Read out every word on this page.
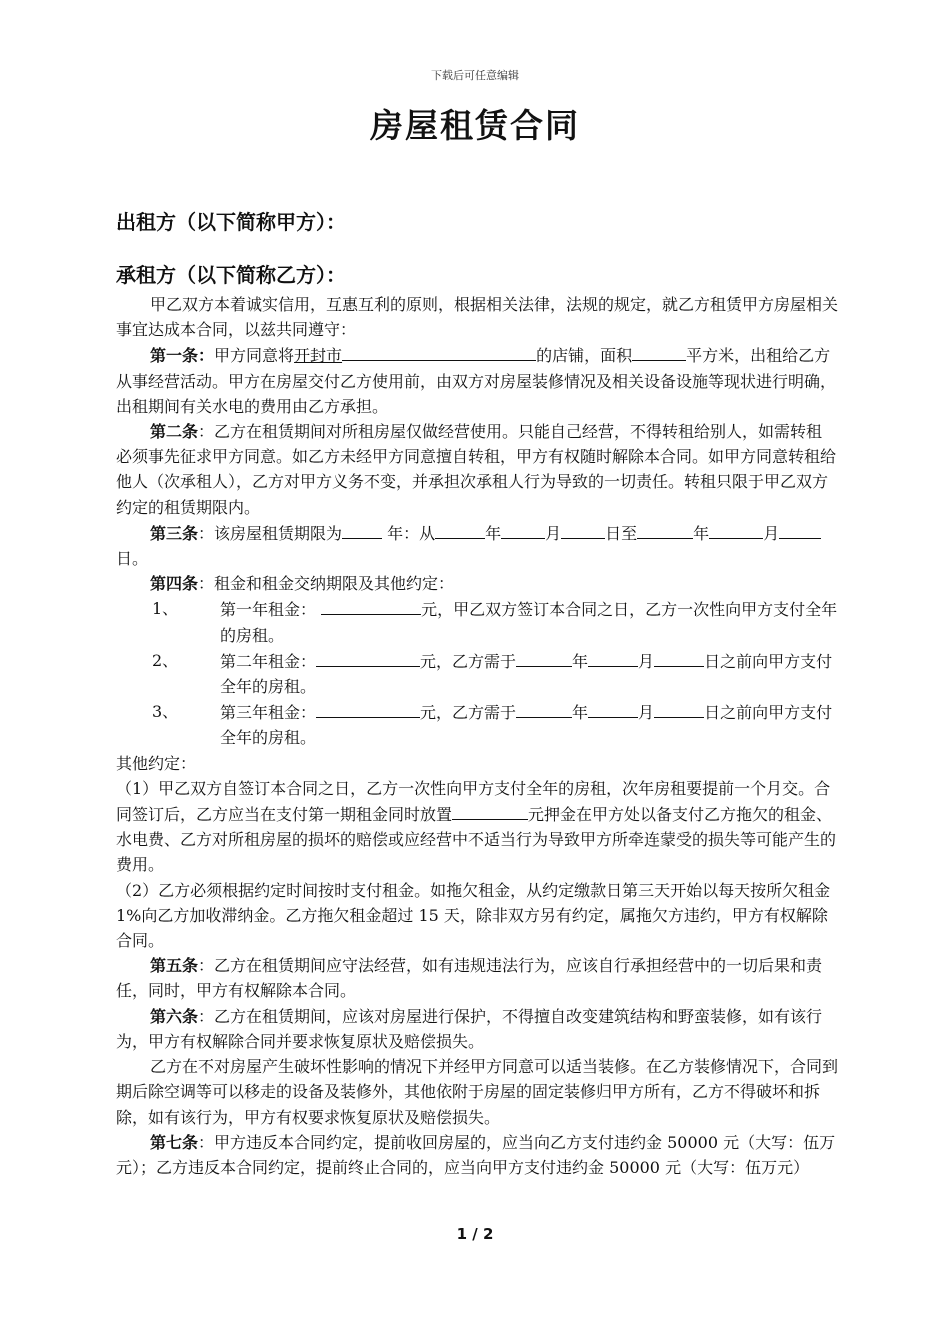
下载后可任意编辑
房屋租赁合同
出租方（以下简称甲方）：
承租方（以下简称乙方）：

甲乙双方本着诚实信用，互惠互利的原则，根据相关法律，法规的规定，就乙方租赁甲方房屋相关事宜达成本合同，以兹共同遵守：

第一条：甲方同意将开封市	的店铺，面积	平方米，出租给乙方从事经营活动。甲方在房屋交付乙方使用前，由双方对房屋装修情况及相关设备设施等现状进行明确，出租期间有关水电的费用由乙方承担。

第二条：乙方在租赁期间对所租房屋仅做经营使用。只能自己经营，不得转租给别人，如需转租必须事先征求甲方同意。如乙方未经甲方同意擅自转租，甲方有权随时解除本合同。如甲方同意转租给他人（次承租人），乙方对甲方义务不变，并承担次承租人行为导致的一切责任。转租只限于甲乙双方约定的租赁期限内。

第三条：该房屋租赁期限为	年：从	年	月	日至	年	月日。

第四条：租金和租金交纳期限及其他约定：

1、	第一年租金：	元，甲乙双方签订本合同之日，乙方一次性向甲方支付全年的房租。
2、	第二年租金：	元，乙方需于	年	月	日之前向甲方支付全年的房租。
3、	第三年租金：	元，乙方需于	年	月	日之前向甲方支付全年的房租。

其他约定：

（1）甲乙双方自签订本合同之日，乙方一次性向甲方支付全年的房租，次年房租要提前一个月交。合同签订后，乙方应当在支付第一期租金同时放置	元押金在甲方处以备支付乙方拖欠的租金、水电费、乙方对所租房屋的损坏的赔偿或应经营中不适当行为导致甲方所牵连蒙受的损失等可能产生的费用。

（2）乙方必须根据约定时间按时支付租金。如拖欠租金，从约定缴款日第三天开始以每天按所欠租金 1%向乙方加收滞纳金。乙方拖欠租金超过 15 天，除非双方另有约定，属拖欠方违约，甲方有权解除合同。

第五条：乙方在租赁期间应守法经营，如有违规违法行为，应该自行承担经营中的一切后果和责任，同时，甲方有权解除本合同。

第六条：乙方在租赁期间，应该对房屋进行保护，不得擅自改变建筑结构和野蛮装修，如有该行为，甲方有权解除合同并要求恢复原状及赔偿损失。

乙方在不对房屋产生破坏性影响的情况下并经甲方同意可以适当装修。在乙方装修情况下，合同到期后除空调等可以移走的设备及装修外，其他依附于房屋的固定装修归甲方所有，乙方不得破坏和拆除，如有该行为，甲方有权要求恢复原状及赔偿损失。

第七条：甲方违反本合同约定，提前收回房屋的，应当向乙方支付违约金 50000 元（大写：伍万元）；乙方违反本合同约定，提前终止合同的，应当向甲方支付违约金 50000 元（大写：伍万元）

1 / 2
